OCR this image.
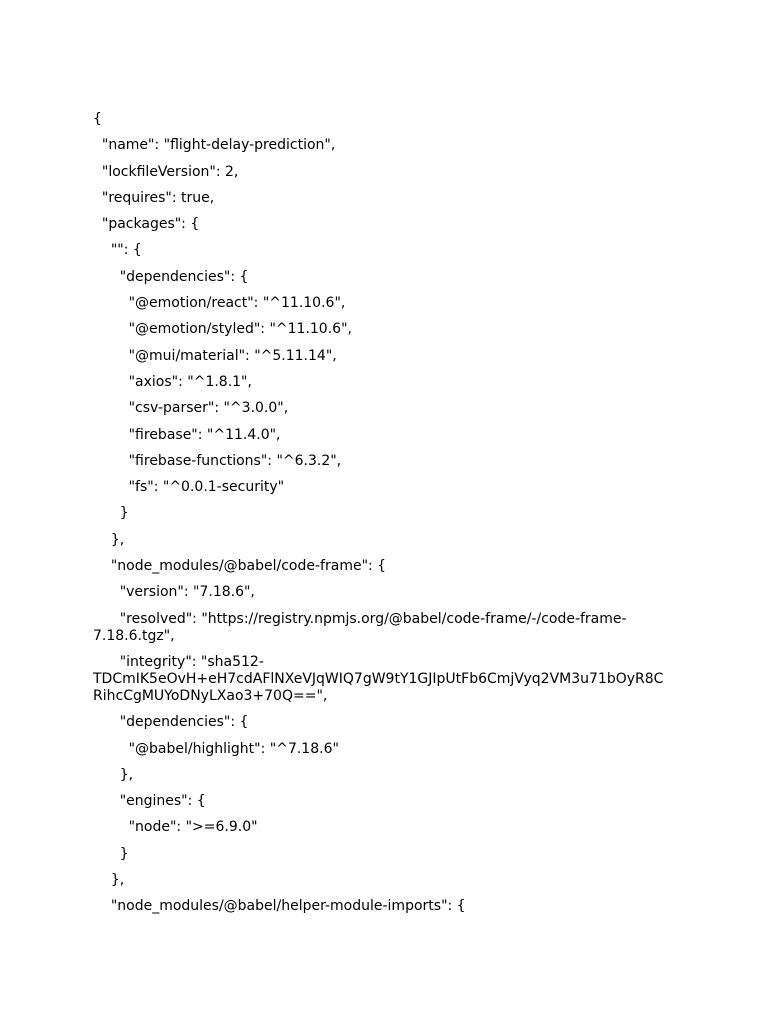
{
"name": "flight-delay-prediction",
"lockfileVersion": 2,
"requires": true,
"packages": {
"": {
"dependencies": {
"@emotion/react": "^11.10.6",
"@emotion/styled": "^11.10.6",
"@mui/material": "^5.11.14",
"axios": "^1.8.1",
"csv-parser": "^3.0.0",
"firebase": "^11.4.0",
"firebase-functions": "^6.3.2",
"fs": "^0.0.1-security"
}
},
"node_modules/@babel/code-frame": {
"version": "7.18.6",
"resolved": "https://registry.npmjs.org/@babel/code-frame/-/code-frame-
7.18.6.tgz",
"integrity": "sha512-
TDCmIK5eOvH+eH7cdAFlNXeVJqWIQ7gW9tY1GJIpUtFb6CmjVyq2VM3u71bOyR8C
RihcCgMUYoDNyLXao3+70Q==",
"dependencies": {
"@babel/highlight": "^7.18.6"
},
"engines": {
"node": ">=6.9.0"
}
},
"node_modules/@babel/helper-module-imports": {
